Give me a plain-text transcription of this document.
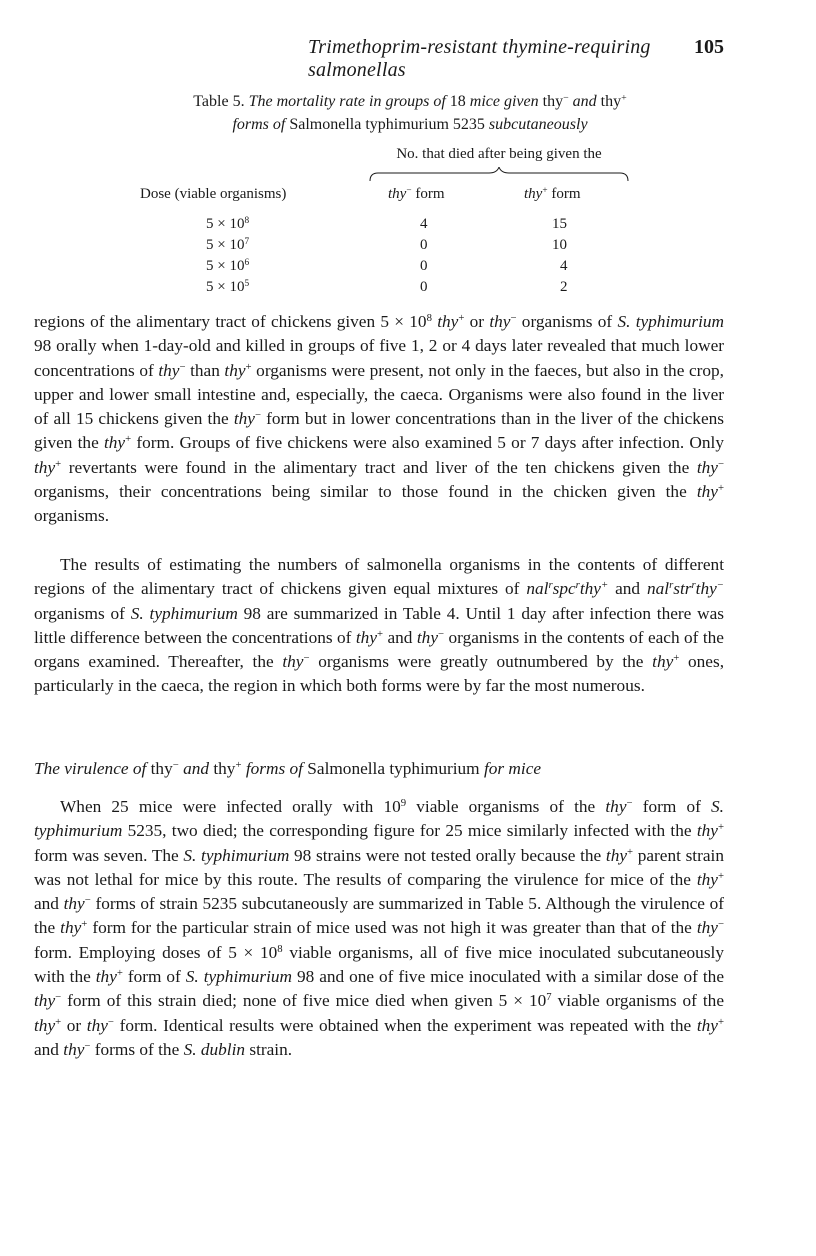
Trimethoprim-resistant thymine-requiring salmonellas
105
Table 5. The mortality rate in groups of 18 mice given thy− and thy+
forms of Salmonella typhimurium 5235 subcutaneously
No. that died after being given the
Dose (viable organisms)	thy− form	thy+ form
$5 \times 10^8$	4	15
$5 \times 10^7$	0	10
$5 \times 10^6$	0	4
$5 \times 10^5$	0	2

regions of the alimentary tract of chickens given $5 \times 10^8$ thy+ or thy− organisms of S. typhimurium 98 orally when 1-day-old and killed in groups of five 1, 2 or 4 days later revealed that much lower concentrations of thy− than thy+ organisms were present, not only in the faeces, but also in the crop, upper and lower small intestine and, especially, the caeca. Organisms were also found in the liver of all 15 chickens given the thy− form but in lower concentrations than in the liver of the chickens given the thy+ form. Groups of five chickens were also examined 5 or 7 days after infection. Only thy+ revertants were found in the alimentary tract and liver of the ten chickens given the thy− organisms, their concentrations being similar to those found in the chicken given the thy+ organisms.

The results of estimating the numbers of salmonella organisms in the contents of different regions of the alimentary tract of chickens given equal mixtures of nal$^r$spc$^r$thy+ and nal$^r$str$^r$thy− organisms of S. typhimurium 98 are summarized in Table 4. Until 1 day after infection there was little difference between the concentrations of thy+ and thy− organisms in the contents of each of the organs examined. Thereafter, the thy− organisms were greatly outnumbered by the thy+ ones, particularly in the caeca, the region in which both forms were by far the most numerous.

The virulence of thy− and thy+ forms of Salmonella typhimurium for mice

When 25 mice were infected orally with $10^9$ viable organisms of the thy− form of S. typhimurium 5235, two died; the corresponding figure for 25 mice similarly infected with the thy+ form was seven. The S. typhimurium 98 strains were not tested orally because the thy+ parent strain was not lethal for mice by this route. The results of comparing the virulence for mice of the thy+ and thy− forms of strain 5235 subcutaneously are summarized in Table 5. Although the virulence of the thy+ form for the particular strain of mice used was not high it was greater than that of the thy− form. Employing doses of $5 \times 10^8$ viable organisms, all of five mice inoculated subcutaneously with the thy+ form of S. typhimurium 98 and one of five mice inoculated with a similar dose of the thy− form of this strain died; none of five mice died when given $5 \times 10^7$ viable organisms of the thy+ or thy− form. Identical results were obtained when the experiment was repeated with the thy+ and thy− forms of the S. dublin strain.
